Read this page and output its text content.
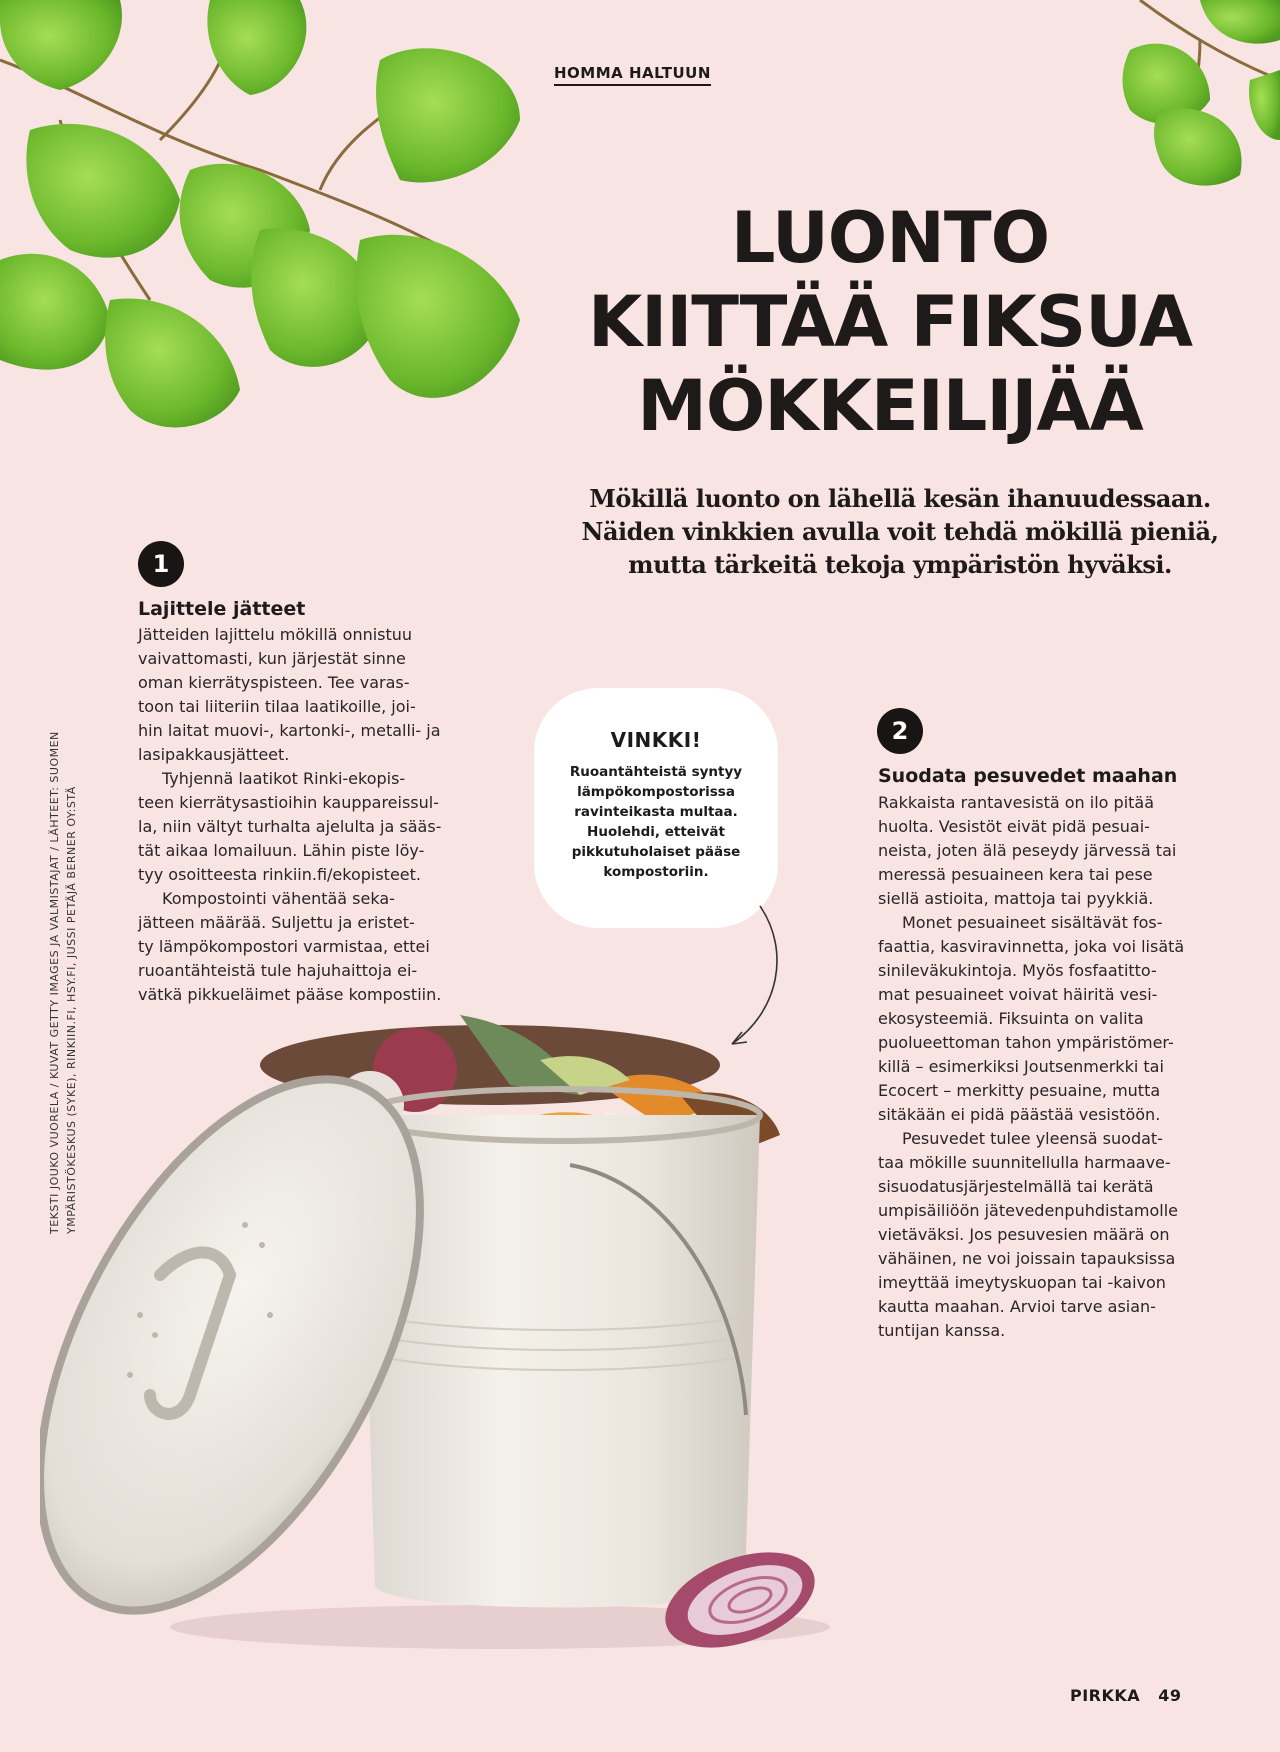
HOMMA HALTUUN
LUONTO
KIITTÄÄ FIKSUA
MÖKKEILIJÄÄ
Mökillä luonto on lähellä kesän ihanuudessaan.
Näiden vinkkien avulla voit tehdä mökillä pieniä,
mutta tärkeitä tekoja ympäristön hyväksi.
1
Lajittele jätteet
Jätteiden lajittelu mökillä onnistuu
vaivattomasti, kun järjestät sinne
oman kierrätyspisteen. Tee varas-
toon tai liiteriin tilaa laatikoille, joi-
hin laitat muovi-, kartonki-, metalli- ja
lasipakkausjätteet.
Tyhjennä laatikot Rinki-ekopis-
teen kierrätysastioihin kauppareissul-
la, niin vältyt turhalta ajelulta ja sääs-
tät aikaa lomailuun. Lähin piste löy-
tyy osoitteesta rinkiin.fi/ekopisteet.
Kompostointi vähentää seka-
jätteen määrää. Suljettu ja eristet-
ty lämpökompostori varmistaa, ettei
ruoantähteistä tule hajuhaittoja ei-
vätkä pikkueläimet pääse kompostiin.
2
Suodata pesuvedet maahan
Rakkaista rantavesistä on ilo pitää
huolta. Vesistöt eivät pidä pesuai-
neista, joten älä peseydy järvessä tai
meressä pesuaineen kera tai pese
siellä astioita, mattoja tai pyykkiä.
Monet pesuaineet sisältävät fos-
faattia, kasviravinnetta, joka voi lisätä
sinileväkukintoja. Myös fosfaatitto-
mat pesuaineet voivat häiritä vesi-
ekosysteemiä. Fiksuinta on valita
puolueettoman tahon ympäristömer-
killä – esimerkiksi Joutsenmerkki tai
Ecocert – merkitty pesuaine, mutta
sitäkään ei pidä päästää vesistöön.
Pesuvedet tulee yleensä suodat-
taa mökille suunnitellulla harmaave-
sisuodatusjärjestelmällä tai kerätä
umpisäiliöön jätevedenpuhdistamolle
vietäväksi. Jos pesuvesien määrä on
vähäinen, ne voi joissain tapauksissa
imeyttää imeytyskuopan tai -kaivon
kautta maahan. Arvioi tarve asian-
tuntijan kanssa.
VINKKI!
Ruoantähteistä syntyy
lämpökompostorissa
ravinteikasta multaa.
Huolehdi, etteivät
pikkutuholaiset pääse
kompostoriin.
TEKSTI JOUKO VUORELA / KUVAT GETTY IMAGES JA VALMISTAJAT / LÄHTEET: SUOMEN YMPÄRISTÖKESKUS (SYKE), RINKIIN.FI, HSY.FI, JUSSI PETÄJÄ BERNER OY:STÄ
PIRKKA 49
